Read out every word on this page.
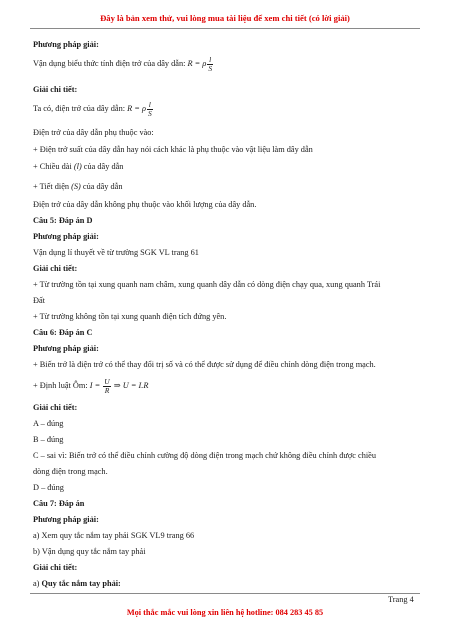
Đây là bản xem thử, vui lòng mua tài liệu để xem chi tiết (có lời giải)
Phương pháp giải:
Vận dụng biểu thức tính điện trở của dây dẫn: R = ρ $\frac{l}{S}$
Giải chi tiết:
Ta có, điện trở của dây dẫn: R = ρ $\frac{l}{S}$
Điện trở của dây dẫn phụ thuộc vào:
+ Điện trở suất của dây dẫn hay nói cách khác là phụ thuộc vào vật liệu làm dây dẫn
+ Chiều dài (l) của dây dẫn
+ Tiết diện (S) của dây dẫn
Điện trở của dây dẫn không phụ thuộc vào khối lượng của dây dẫn.
Câu 5: Đáp án D
Phương pháp giải:
Vận dụng lí thuyết về từ trường SGK VL trang 61
Giải chi tiết:
+ Từ trường tồn tại xung quanh nam châm, xung quanh dây dẫn có dòng điện chạy qua, xung quanh Trái
Đất
+ Từ trường không tồn tại xung quanh điện tích đứng yên.
Câu 6: Đáp án C
Phương pháp giải:
+ Biến trở là điện trở có thể thay đổi trị số và có thể được sử dụng để điều chỉnh dòng điện trong mạch.
+ Định luật Ôm: $I = \frac{U}{R}$ ⇒ U = I.R
Giải chi tiết:
A – đúng
B – đúng
C – sai vì: Biến trở có thể điều chỉnh cường độ dòng điện trong mạch chứ không điều chỉnh được chiều
dòng điện trong mạch.
D – đúng
Câu 7: Đáp án
Phương pháp giải:
a) Xem quy tắc nắm tay phải SGK VL9 trang 66
b) Vận dụng quy tắc nắm tay phải
Giải chi tiết:
a) Quy tắc nắm tay phải:
Trang 4
Mọi thắc mắc vui lòng xin liên hệ hotline: 084 283 45 85
